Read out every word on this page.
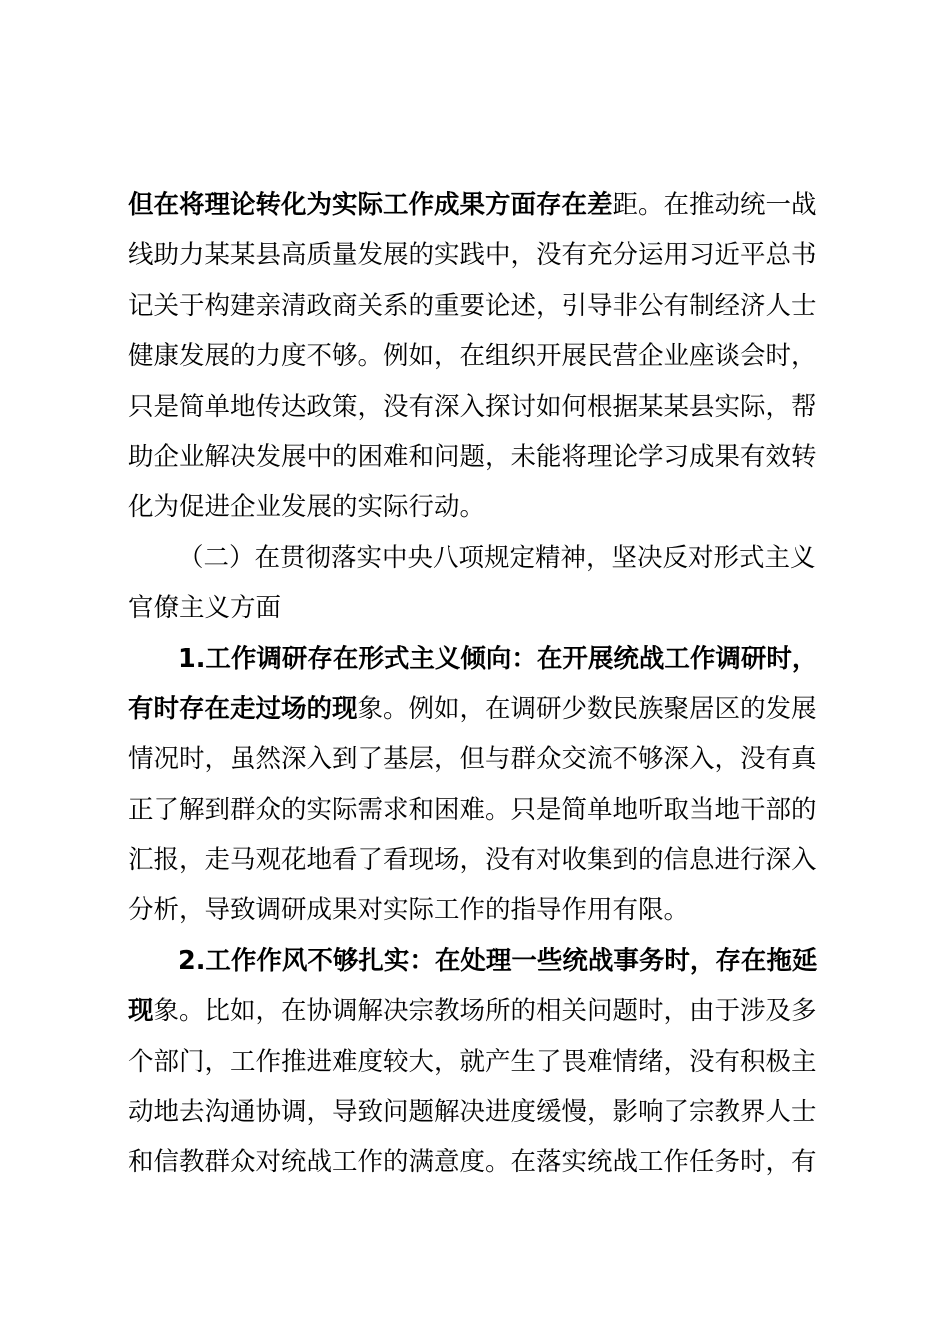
但在将理论转化为实际工作成果方面存在差距。在推动统一战
线助力某某县高质量发展的实践中，没有充分运用习近平总书
记关于构建亲清政商关系的重要论述，引导非公有制经济人士
健康发展的力度不够。例如，在组织开展民营企业座谈会时，
只是简单地传达政策，没有深入探讨如何根据某某县实际，帮
助企业解决发展中的困难和问题，未能将理论学习成果有效转
化为促进企业发展的实际行动。
（二）在贯彻落实中央八项规定精神，坚决反对形式主义
官僚主义方面
1.工作调研存在形式主义倾向：在开展统战工作调研时，
有时存在走过场的现象。例如，在调研少数民族聚居区的发展
情况时，虽然深入到了基层，但与群众交流不够深入，没有真
正了解到群众的实际需求和困难。只是简单地听取当地干部的
汇报，走马观花地看了看现场，没有对收集到的信息进行深入
分析，导致调研成果对实际工作的指导作用有限。
2.工作作风不够扎实：在处理一些统战事务时，存在拖延
现象。比如，在协调解决宗教场所的相关问题时，由于涉及多
个部门，工作推进难度较大，就产生了畏难情绪，没有积极主
动地去沟通协调，导致问题解决进度缓慢，影响了宗教界人士
和信教群众对统战工作的满意度。在落实统战工作任务时，有
